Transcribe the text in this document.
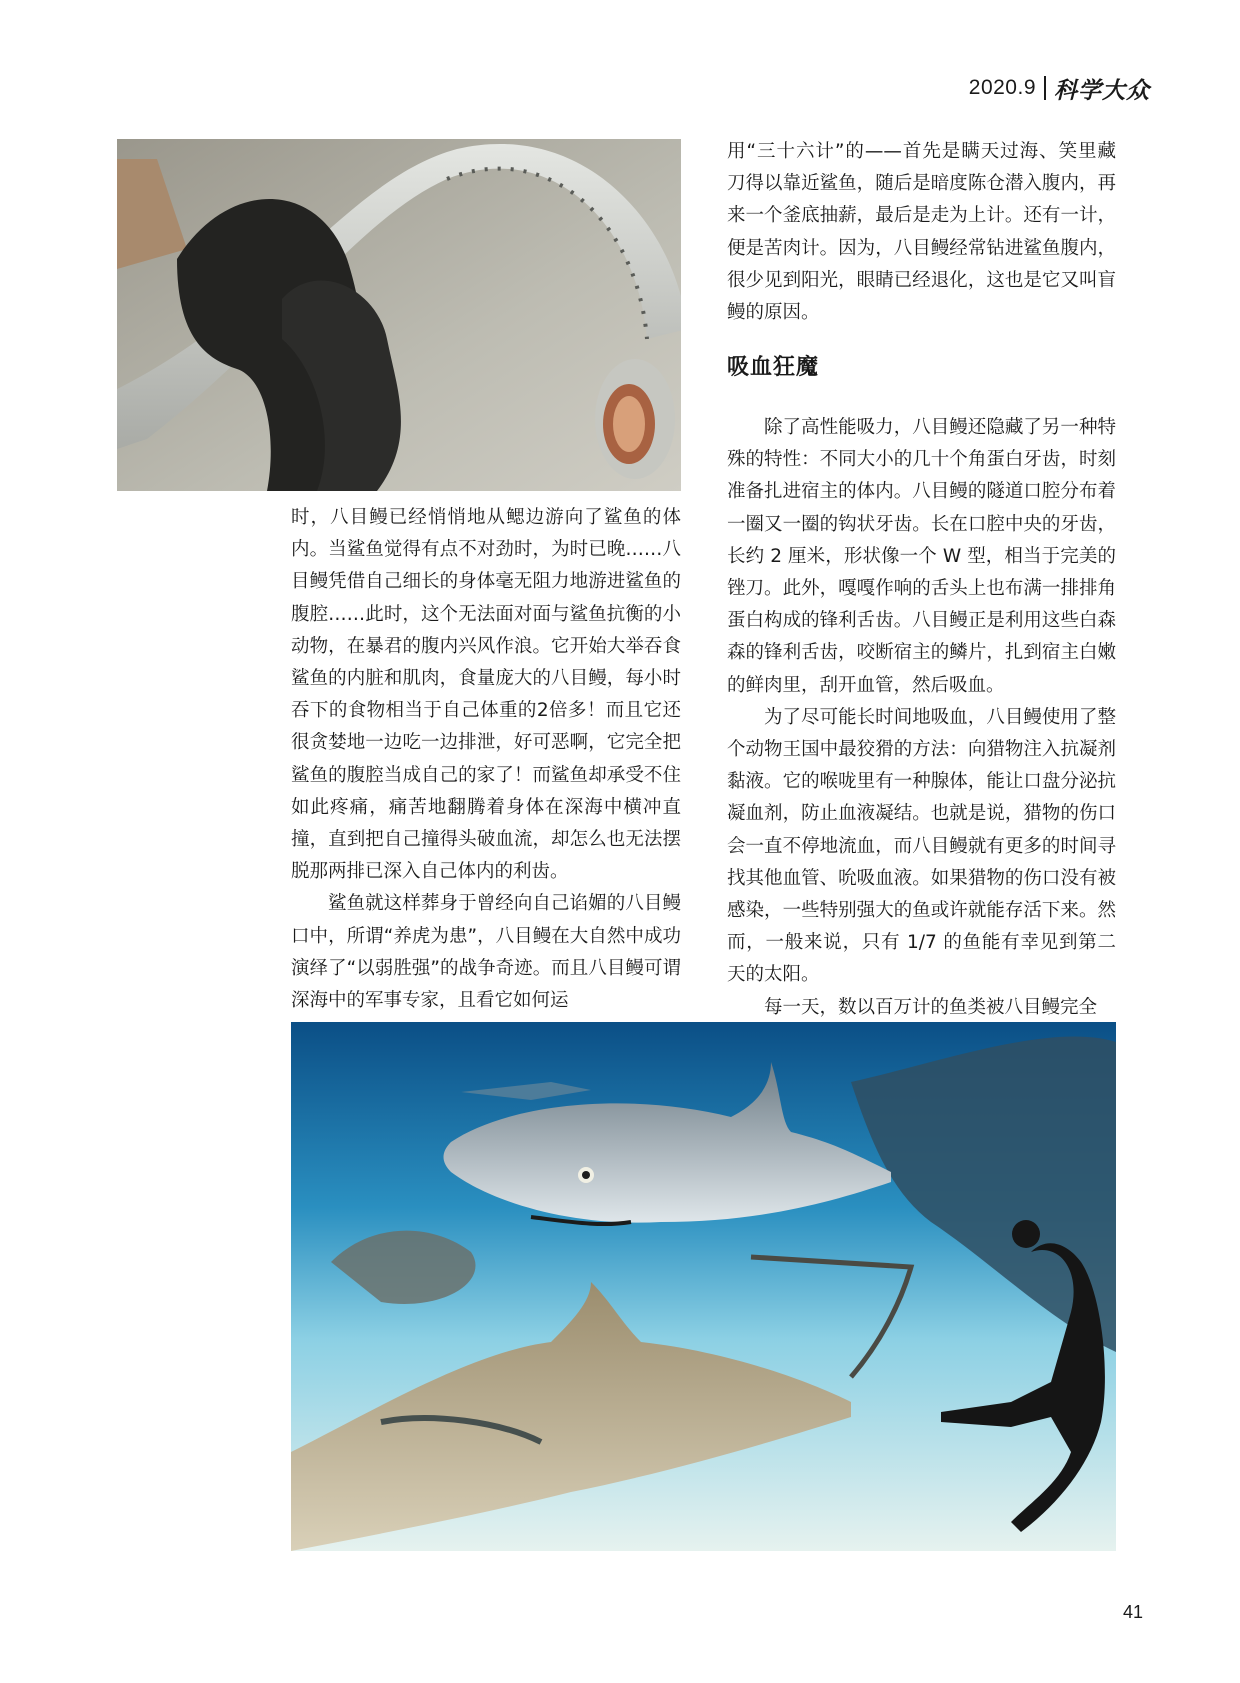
2020.9 科学大众

时，八目鳗已经悄悄地从鳃边游向了鲨鱼的体内。当鲨鱼觉得有点不对劲时，为时已晚……八目鳗凭借自己细长的身体毫无阻力地游进鲨鱼的腹腔……此时，这个无法面对面与鲨鱼抗衡的小动物，在暴君的腹内兴风作浪。它开始大举吞食鲨鱼的内脏和肌肉，食量庞大的八目鳗，每小时吞下的食物相当于自己体重的2倍多！而且它还很贪婪地一边吃一边排泄，好可恶啊，它完全把鲨鱼的腹腔当成自己的家了！而鲨鱼却承受不住如此疼痛，痛苦地翻腾着身体在深海中横冲直撞，直到把自己撞得头破血流，却怎么也无法摆脱那两排已深入自己体内的利齿。

鲨鱼就这样葬身于曾经向自己谄媚的八目鳗口中，所谓“养虎为患”，八目鳗在大自然中成功演绎了“以弱胜强”的战争奇迹。而且八目鳗可谓深海中的军事专家，且看它如何运

用“三十六计”的——首先是瞒天过海、笑里藏刀得以靠近鲨鱼，随后是暗度陈仓潜入腹内，再来一个釜底抽薪，最后是走为上计。还有一计，便是苦肉计。因为，八目鳗经常钻进鲨鱼腹内，很少见到阳光，眼睛已经退化，这也是它又叫盲鳗的原因。

吸血狂魔

除了高性能吸力，八目鳗还隐藏了另一种特殊的特性：不同大小的几十个角蛋白牙齿，时刻准备扎进宿主的体内。八目鳗的隧道口腔分布着一圈又一圈的钩状牙齿。长在口腔中央的牙齿，长约 2 厘米，形状像一个 W 型，相当于完美的锉刀。此外，嘎嘎作响的舌头上也布满一排排角蛋白构成的锋利舌齿。八目鳗正是利用这些白森森的锋利舌齿，咬断宿主的鳞片，扎到宿主白嫩的鲜肉里，刮开血管，然后吸血。

为了尽可能长时间地吸血，八目鳗使用了整个动物王国中最狡猾的方法：向猎物注入抗凝剂黏液。它的喉咙里有一种腺体，能让口盘分泌抗凝血剂，防止血液凝结。也就是说，猎物的伤口会一直不停地流血，而八目鳗就有更多的时间寻找其他血管、吮吸血液。如果猎物的伤口没有被感染，一些特别强大的鱼或许就能存活下来。然而，一般来说，只有 1/7 的鱼能有幸见到第二天的太阳。

每一天，数以百万计的鱼类被八目鳗完全

41
